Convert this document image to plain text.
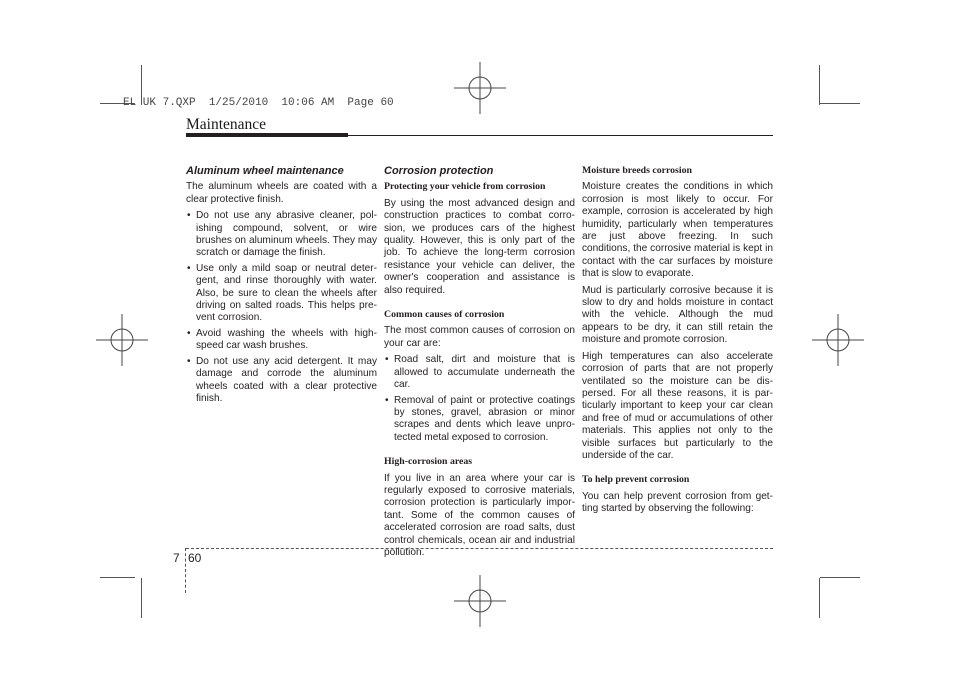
EL UK 7.QXP  1/25/2010  10:06 AM  Page 60
Maintenance

Aluminum wheel maintenance

The aluminum wheels are coated with a clear protective finish.

• Do not use any abrasive cleaner, polishing compound, solvent, or wire brushes on aluminum wheels. They may scratch or damage the finish.
• Use only a mild soap or neutral detergent, and rinse thoroughly with water. Also, be sure to clean the wheels after driving on salted roads. This helps prevent corrosion.
• Avoid washing the wheels with high-speed car wash brushes.
• Do not use any acid detergent. It may damage and corrode the aluminum wheels coated with a clear protective finish.

Corrosion protection

Protecting your vehicle from corrosion

By using the most advanced design and construction practices to combat corrosion, we produces cars of the highest quality. However, this is only part of the job. To achieve the long-term corrosion resistance your vehicle can deliver, the owner's cooperation and assistance is also required.

Common causes of corrosion

The most common causes of corrosion on your car are:

• Road salt, dirt and moisture that is allowed to accumulate underneath the car.
• Removal of paint or protective coatings by stones, gravel, abrasion or minor scrapes and dents which leave unprotected metal exposed to corrosion.

High-corrosion areas

If you live in an area where your car is regularly exposed to corrosive materials, corrosion protection is particularly important. Some of the common causes of accelerated corrosion are road salts, dust control chemicals, ocean air and industrial pollution.

Moisture breeds corrosion

Moisture creates the conditions in which corrosion is most likely to occur. For example, corrosion is accelerated by high humidity, particularly when temperatures are just above freezing. In such conditions, the corrosive material is kept in contact with the car surfaces by moisture that is slow to evaporate.

Mud is particularly corrosive because it is slow to dry and holds moisture in contact with the vehicle. Although the mud appears to be dry, it can still retain the moisture and promote corrosion.

High temperatures can also accelerate corrosion of parts that are not properly ventilated so the moisture can be dispersed. For all these reasons, it is particularly important to keep your car clean and free of mud or accumulations of other materials. This applies not only to the visible surfaces but particularly to the underside of the car.

To help prevent corrosion

You can help prevent corrosion from getting started by observing the following:

7 60
